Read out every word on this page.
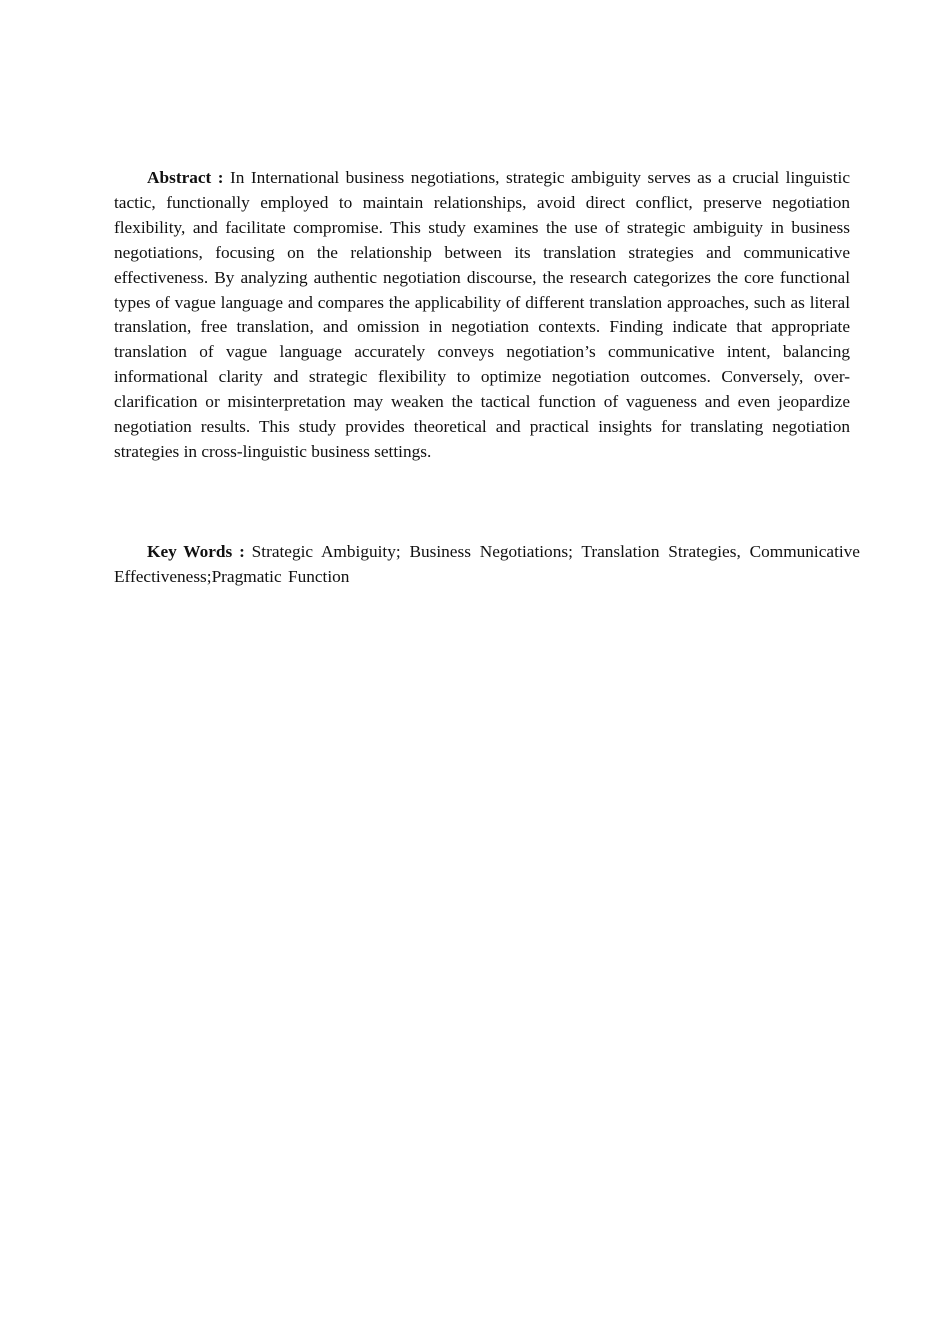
Abstract : In International business negotiations, strategic ambiguity serves as a crucial linguistic tactic, functionally employed to maintain relationships, avoid direct conflict, preserve negotiation flexibility, and facilitate compromise. This study examines the use of strategic ambiguity in business negotiations, focusing on the relationship between its translation strategies and communicative effectiveness. By analyzing authentic negotiation discourse, the research categorizes the core functional types of vague language and compares the applicability of different translation approaches, such as literal translation, free translation, and omission in negotiation contexts. Finding indicate that appropriate translation of vague language accurately conveys negotiation’s communicative intent, balancing informational clarity and strategic flexibility to optimize negotiation outcomes. Conversely, over-clarification or misinterpretation may weaken the tactical function of vagueness and even jeopardize negotiation results. This study provides theoretical and practical insights for translating negotiation strategies in cross-linguistic business settings.

Key Words : Strategic Ambiguity; Business Negotiations; Translation Strategies, Communicative Effectiveness;Pragmatic Function
